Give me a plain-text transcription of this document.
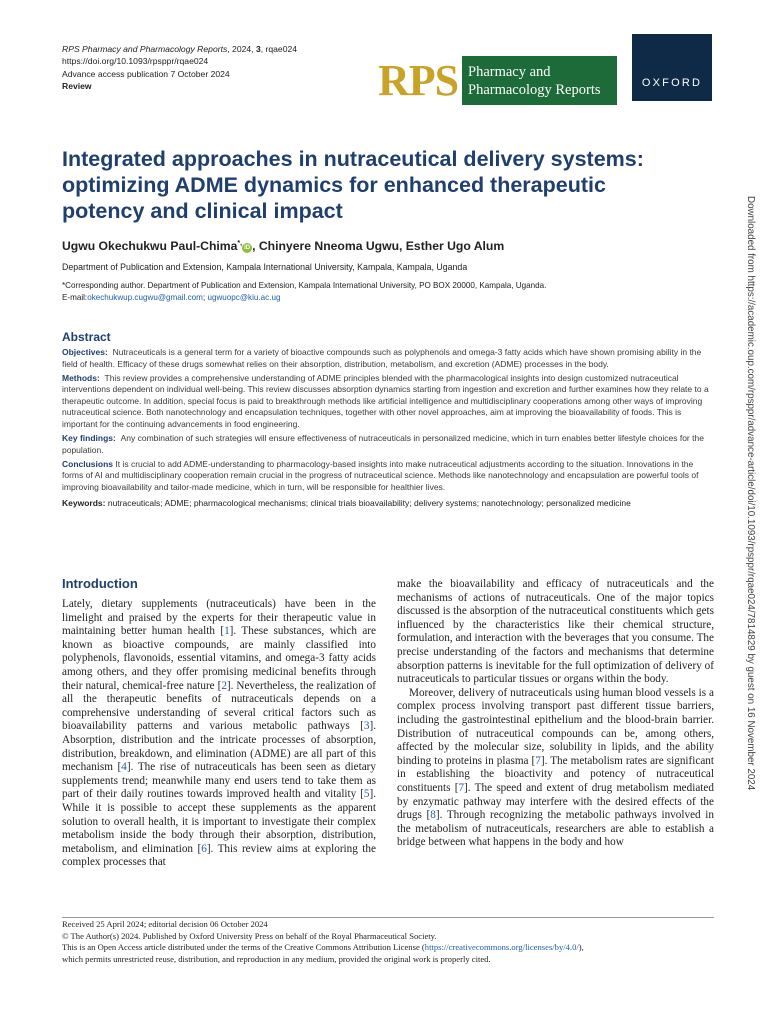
RPS Pharmacy and Pharmacology Reports, 2024, 3, rqae024
https://doi.org/10.1093/rpsppr/rqae024
Advance access publication 7 October 2024
Review	RPS Pharmacy and
Pharmacology Reports	OXFORD
Downloaded from https://academic.oup.com/rpsppr/advance-article/doi/10.1093/rpsppr/rqae024/7814829 by guest on 16 November 2024
Integrated approaches in nutraceutical delivery systems: optimizing ADME dynamics for enhanced therapeutic potency and clinical impact
Ugwu Okechukwu Paul-Chima*,iD , Chinyere Nneoma Ugwu, Esther Ugo Alum
Department of Publication and Extension, Kampala International University, Kampala, Kampala, Uganda
*Corresponding author. Department of Publication and Extension, Kampala International University, PO BOX 20000, Kampala, Uganda.
E-mail:okechukwup.cugwu@gmail.com; ugwuopc@kiu.ac.ug
Abstract

Objectives: Nutraceuticals is a general term for a variety of bioactive compounds such as polyphenols and omega-3 fatty acids which have shown promising ability in the field of health. Efficacy of these drugs somewhat relies on their absorption, distribution, metabolism, and excretion (ADME) processes in the body.

Methods: This review provides a comprehensive understanding of ADME principles blended with the pharmacological insights into design customized nutraceutical interventions dependent on individual well-being. This review discusses absorption dynamics starting from ingestion and excretion and further examines how they relate to a therapeutic outcome. In addition, special focus is paid to breakthrough methods like artificial intelligence and multidisciplinary cooperations among other ways of improving nutraceutical science. Both nanotechnology and encapsulation techniques, together with other novel approaches, aim at improving the bioavailability of foods. This is important for the continuing advancements in food engineering.

Key findings: Any combination of such strategies will ensure effectiveness of nutraceuticals in personalized medicine, which in turn enables better lifestyle choices for the population.

Conclusions It is crucial to add ADME-understanding to pharmacology-based insights into make nutraceutical adjustments according to the situation. Innovations in the forms of AI and multidisciplinary cooperation remain crucial in the progress of nutraceutical science. Methods like nanotechnology and encapsulation are powerful tools of improving bioavailability and tailor-made medicine, which in turn, will be responsible for healthier lives.

Keywords: nutraceuticals; ADME; pharmacological mechanisms; clinical trials bioavailability; delivery systems; nanotechnology; personalized medicine

Introduction

Lately, dietary supplements (nutraceuticals) have been in the limelight and praised by the experts for their therapeutic value in maintaining better human health [1]. These substances, which are known as bioactive compounds, are mainly classified into polyphenols, flavonoids, essential vitamins, and omega-3 fatty acids among others, and they offer promising medicinal benefits through their natural, chemical-free nature [2]. Nevertheless, the realization of all the therapeutic benefits of nutraceuticals depends on a comprehensive understanding of several critical factors such as bioavailability patterns and various metabolic pathways [3]. Absorption, distribution and the intricate processes of absorption, distribution, breakdown, and elimination (ADME) are all part of this mechanism [4]. The rise of nutraceuticals has been seen as dietary supplements trend; meanwhile many end users tend to take them as part of their daily routines towards improved health and vitality [5]. While it is possible to accept these supplements as the apparent solution to overall health, it is important to investigate their complex metabolism inside the body through their absorption, distribution, metabolism, and elimination [6]. This review aims at exploring the complex processes that

make the bioavailability and efficacy of nutraceuticals and the mechanisms of actions of nutraceuticals. One of the major topics discussed is the absorption of the nutraceutical constituents which gets influenced by the characteristics like their chemical structure, formulation, and interaction with the beverages that you consume. The precise understanding of the factors and mechanisms that determine absorption patterns is inevitable for the full optimization of delivery of nutraceuticals to particular tissues or organs within the body.

Moreover, delivery of nutraceuticals using human blood vessels is a complex process involving transport past different tissue barriers, including the gastrointestinal epithelium and the blood-brain barrier. Distribution of nutraceutical compounds can be, among others, affected by the molecular size, solubility in lipids, and the ability binding to proteins in plasma [7]. The metabolism rates are significant in establishing the bioactivity and potency of nutraceutical constituents [7]. The speed and extent of drug metabolism mediated by enzymatic pathway may interfere with the desired effects of the drugs [8]. Through recognizing the metabolic pathways involved in the metabolism of nutraceuticals, researchers are able to establish a bridge between what happens in the body and how

Received 25 April 2024; editorial decision 06 October 2024
© The Author(s) 2024. Published by Oxford University Press on behalf of the Royal Pharmaceutical Society.
This is an Open Access article distributed under the terms of the Creative Commons Attribution License (https://creativecommons.org/licenses/by/4.0/),
which permits unrestricted reuse, distribution, and reproduction in any medium, provided the original work is properly cited.
